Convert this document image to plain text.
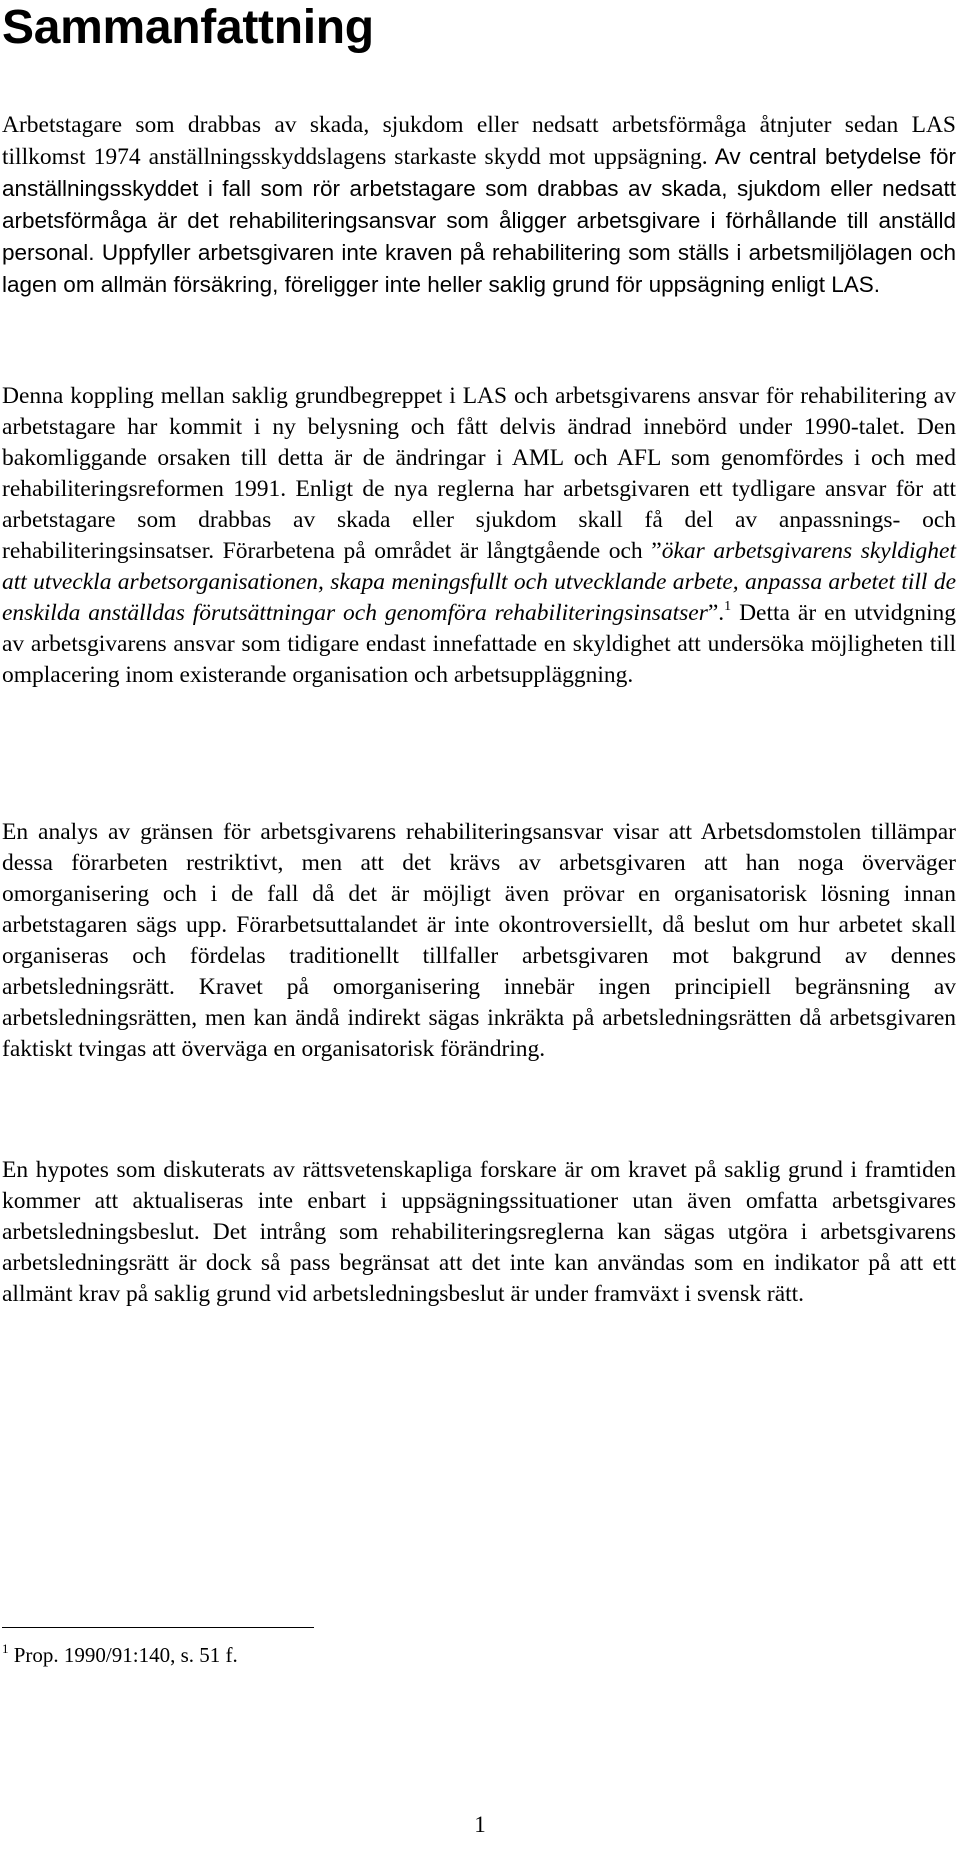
Sammanfattning

Arbetstagare som drabbas av skada, sjukdom eller nedsatt arbetsförmåga åtnjuter sedan LAS tillkomst 1974 anställningsskyddslagens starkaste skydd mot uppsägning. Av central betydelse för anställningsskyddet i fall som rör arbetstagare som drabbas av skada, sjukdom eller nedsatt arbetsförmåga är det rehabiliteringsansvar som åligger arbetsgivare i förhållande till anställd personal. Uppfyller arbetsgivaren inte kraven på rehabilitering som ställs i arbetsmiljölagen och lagen om allmän försäkring, föreligger inte heller saklig grund för uppsägning enligt LAS.

Denna koppling mellan saklig grundbegreppet i LAS och arbetsgivarens ansvar för rehabilitering av arbetstagare har kommit i ny belysning och fått delvis ändrad innebörd under 1990-talet. Den bakomliggande orsaken till detta är de ändringar i AML och AFL som genomfördes i och med rehabiliteringsreformen 1991. Enligt de nya reglerna har arbetsgivaren ett tydligare ansvar för att arbetstagare som drabbas av skada eller sjukdom skall få del av anpassnings- och rehabiliteringsinsatser. Förarbetena på området är långtgående och ”ökar arbetsgivarens skyldighet att utveckla arbetsorganisationen, skapa meningsfullt och utvecklande arbete, anpassa arbetet till de enskilda anställdas förutsättningar och genomföra rehabiliteringsinsatser”.$^1$ Detta är en utvidgning av arbetsgivarens ansvar som tidigare endast innefattade en skyldighet att undersöka möjligheten till omplacering inom existerande organisation och arbetsuppläggning.

En analys av gränsen för arbetsgivarens rehabiliteringsansvar visar att Arbetsdomstolen tillämpar dessa förarbeten restriktivt, men att det krävs av arbetsgivaren att han noga överväger omorganisering och i de fall då det är möjligt även prövar en organisatorisk lösning innan arbetstagaren sägs upp. Förarbetsuttalandet är inte okontroversiellt, då beslut om hur arbetet skall organiseras och fördelas traditionellt tillfaller arbetsgivaren mot bakgrund av dennes arbetsledningsrätt. Kravet på omorganisering innebär ingen principiell begränsning av arbetsledningsrätten, men kan ändå indirekt sägas inkräkta på arbetsledningsrätten då arbetsgivaren faktiskt tvingas att överväga en organisatorisk förändring.

En hypotes som diskuterats av rättsvetenskapliga forskare är om kravet på saklig grund i framtiden kommer att aktualiseras inte enbart i uppsägningssituationer utan även omfatta arbetsgivares arbetsledningsbeslut. Det intrång som rehabiliteringsreglerna kan sägas utgöra i arbetsgivarens arbetsledningsrätt är dock så pass begränsat att det inte kan användas som en indikator på att ett allmänt krav på saklig grund vid arbetsledningsbeslut är under framväxt i svensk rätt.

$^1$ Prop. 1990/91:140, s. 51 f.

1
